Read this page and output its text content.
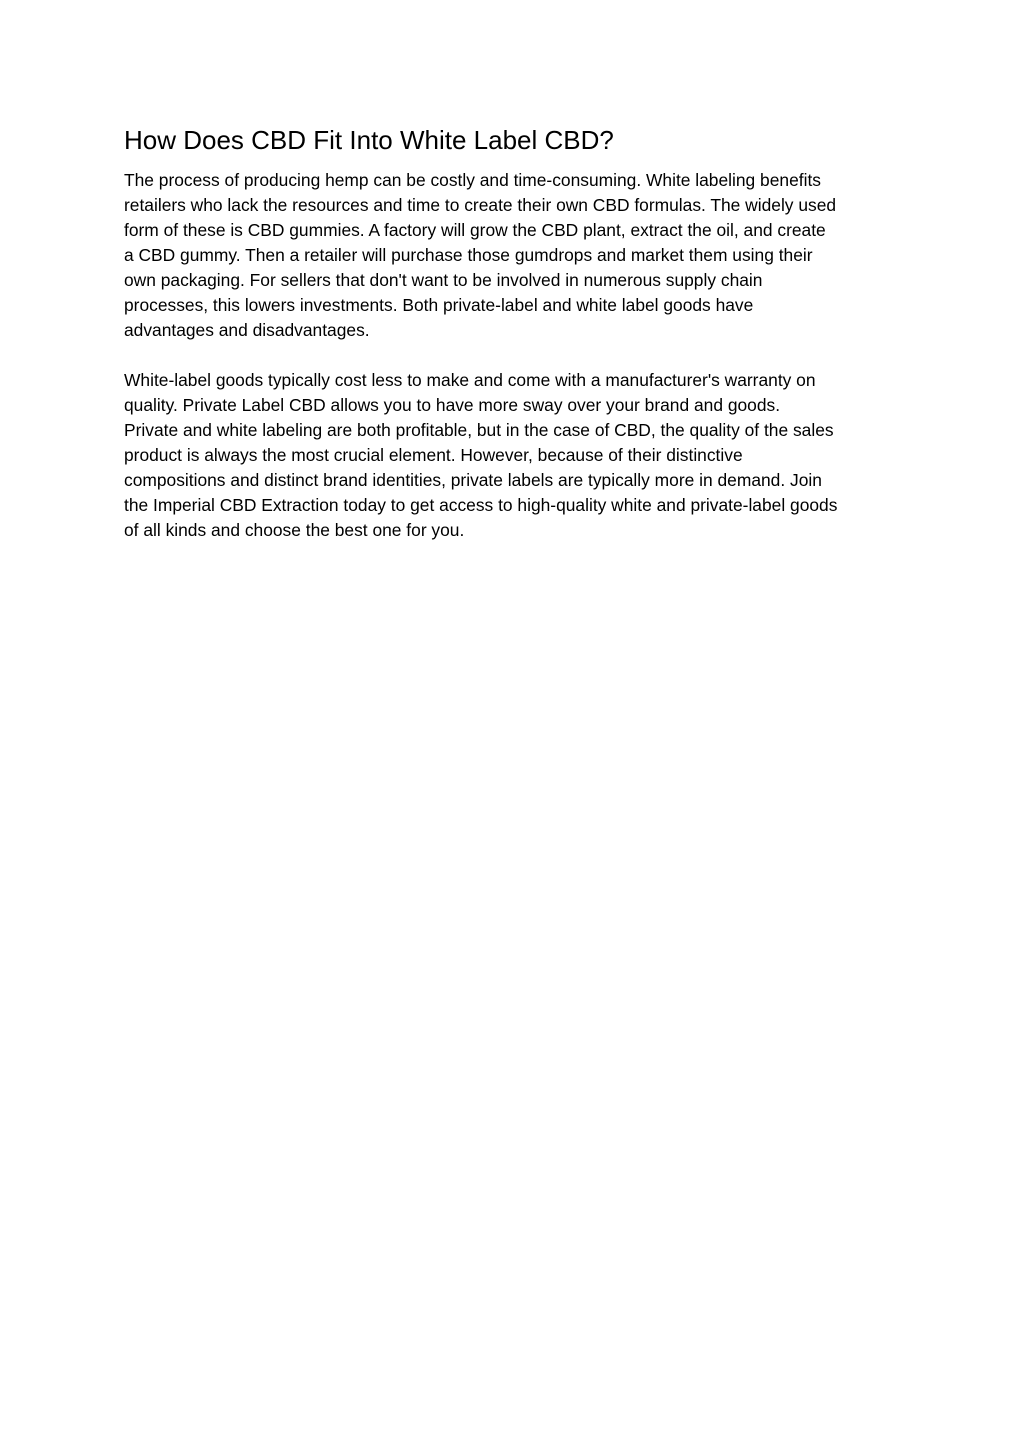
How Does CBD Fit Into White Label CBD?

The process of producing hemp can be costly and time-consuming. White labeling benefits
retailers who lack the resources and time to create their own CBD formulas. The widely used
form of these is CBD gummies. A factory will grow the CBD plant, extract the oil, and create
a CBD gummy. Then a retailer will purchase those gumdrops and market them using their
own packaging. For sellers that don't want to be involved in numerous supply chain
processes, this lowers investments. Both private-label and white label goods have
advantages and disadvantages.

White-label goods typically cost less to make and come with a manufacturer's warranty on
quality. Private Label CBD allows you to have more sway over your brand and goods.
Private and white labeling are both profitable, but in the case of CBD, the quality of the sales
product is always the most crucial element. However, because of their distinctive
compositions and distinct brand identities, private labels are typically more in demand. Join
the Imperial CBD Extraction today to get access to high-quality white and private-label goods
of all kinds and choose the best one for you.
